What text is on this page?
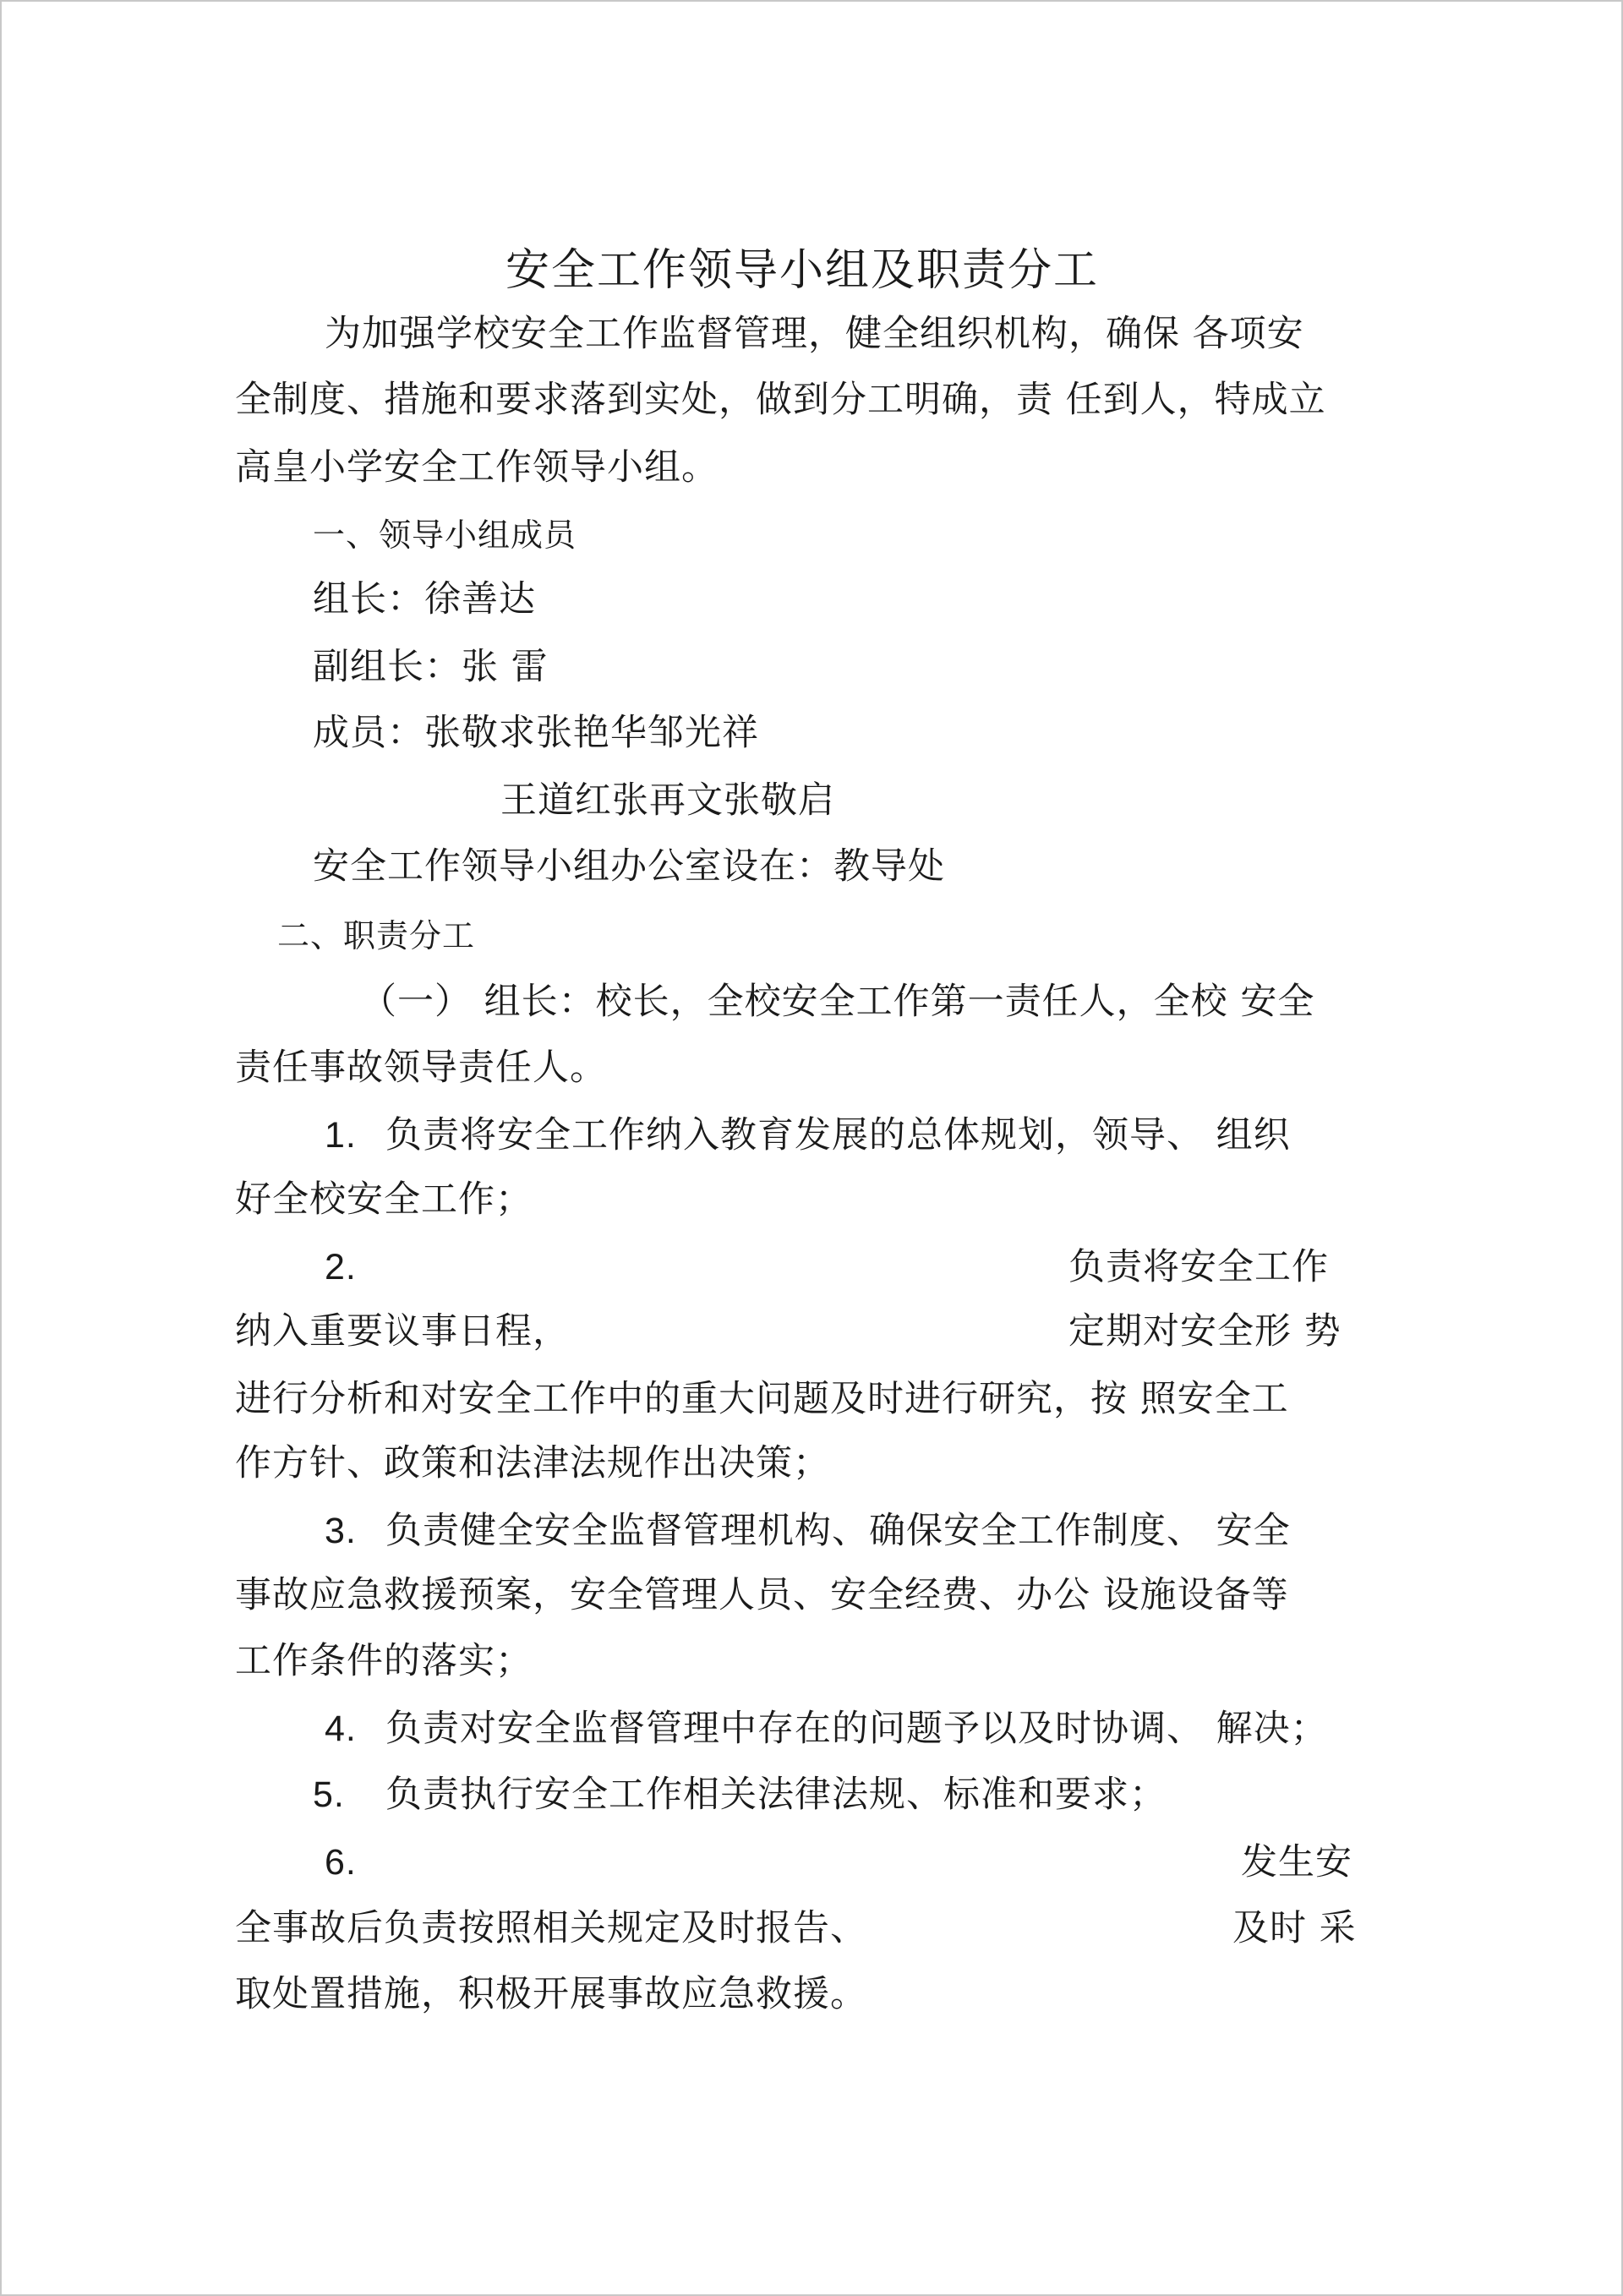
安全工作领导小组及职责分工

为加强学校安全工作监督管理，健全组织机构，确保 各项安

全制度、措施和要求落到实处，做到分工明确，责 任到人，特成立

高皇小学安全工作领导小组。

一、领导小组成员

组长：徐善达

副组长：张 雷

成员：张敬求张艳华邹光祥

王道红张再文张敬启

安全工作领导小组办公室设在：教导处

二、职责分工

（一） 组长：校长，全校安全工作第一责任人，全校 安全

责任事故领导责任人。

1. 负责将安全工作纳入教育发展的总体规划，领导、 组织

好全校安全工作；

2.	负责将安全工作

纳入重要议事日程，	定期对安全形 势

进行分析和对安全工作中的重大问题及时进行研究，按 照安全工

作方针、政策和法津法规作出决策；

3. 负责健全安全监督管理机构、确保安全工作制度、 安全

事故应急救援预案，安全管理人员、安全经费、办公 设施设备等

工作条件的落实；

4. 负责对安全监督管理中存在的问题予以及时协调、 解决；

5. 负责执行安全工作相关法律法规、标准和要求；

6.	发生安

全事故后负责按照相关规定及时报告、	及时 采

取处置措施，积极开展事故应急救援。
